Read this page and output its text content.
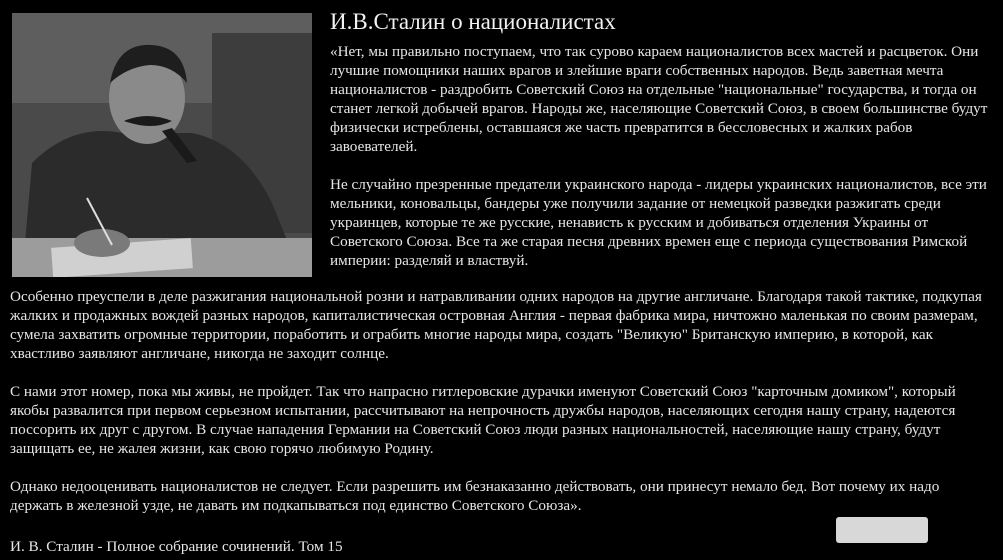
И.В.Сталин о националистах

«Нет, мы правильно поступаем, что так сурово караем националистов всех мастей и расцветок. Они лучшие помощники наших врагов и злейшие враги собственных народов. Ведь заветная мечта националистов - раздробить Советский Союз на отдельные "национальные" государства, и тогда он станет легкой добычей врагов. Народы же, населяющие Советский Союз, в своем большинстве будут физически истреблены, оставшаяся же часть превратится в бессловесных и жалких рабов завоевателей.

Не случайно презренные предатели украинского народа - лидеры украинских националистов, все эти мельники, коновальцы, бандеры уже получили задание от немецкой разведки разжигать среди украинцев, которые те же русские, ненависть к русским и добиваться отделения Украины от Советского Союза. Все та же старая песня древних времен еще с периода существования Римской империи: разделяй и властвуй.

Особенно преуспели в деле разжигания национальной розни и натравливании одних народов на другие англичане. Благодаря такой тактике, подкупая жалких и продажных вождей разных народов, капиталистическая островная Англия - первая фабрика мира, ничтожно маленькая по своим размерам, сумела захватить огромные территории, поработить и ограбить многие народы мира, создать "Великую" Британскую империю, в которой, как хвастливо заявляют англичане, никогда не заходит солнце.

С нами этот номер, пока мы живы, не пройдет. Так что напрасно гитлеровские дурачки именуют Советский Союз "карточным домиком", который якобы развалится при первом серьезном испытании, рассчитывают на непрочность дружбы народов, населяющих сегодня нашу страну, надеются поссорить их друг с другом. В случае нападения Германии на Советский Союз люди разных национальностей, населяющие нашу страну, будут защищать ее, не жалея жизни, как свою горячо любимую Родину.

Однако недооценивать националистов не следует. Если разрешить им безнаказанно действовать, они принесут немало бед. Вот почему их надо держать в железной узде, не давать им подкапываться под единство Советского Союза».

И. В. Сталин - Полное собрание сочинений. Том 15
